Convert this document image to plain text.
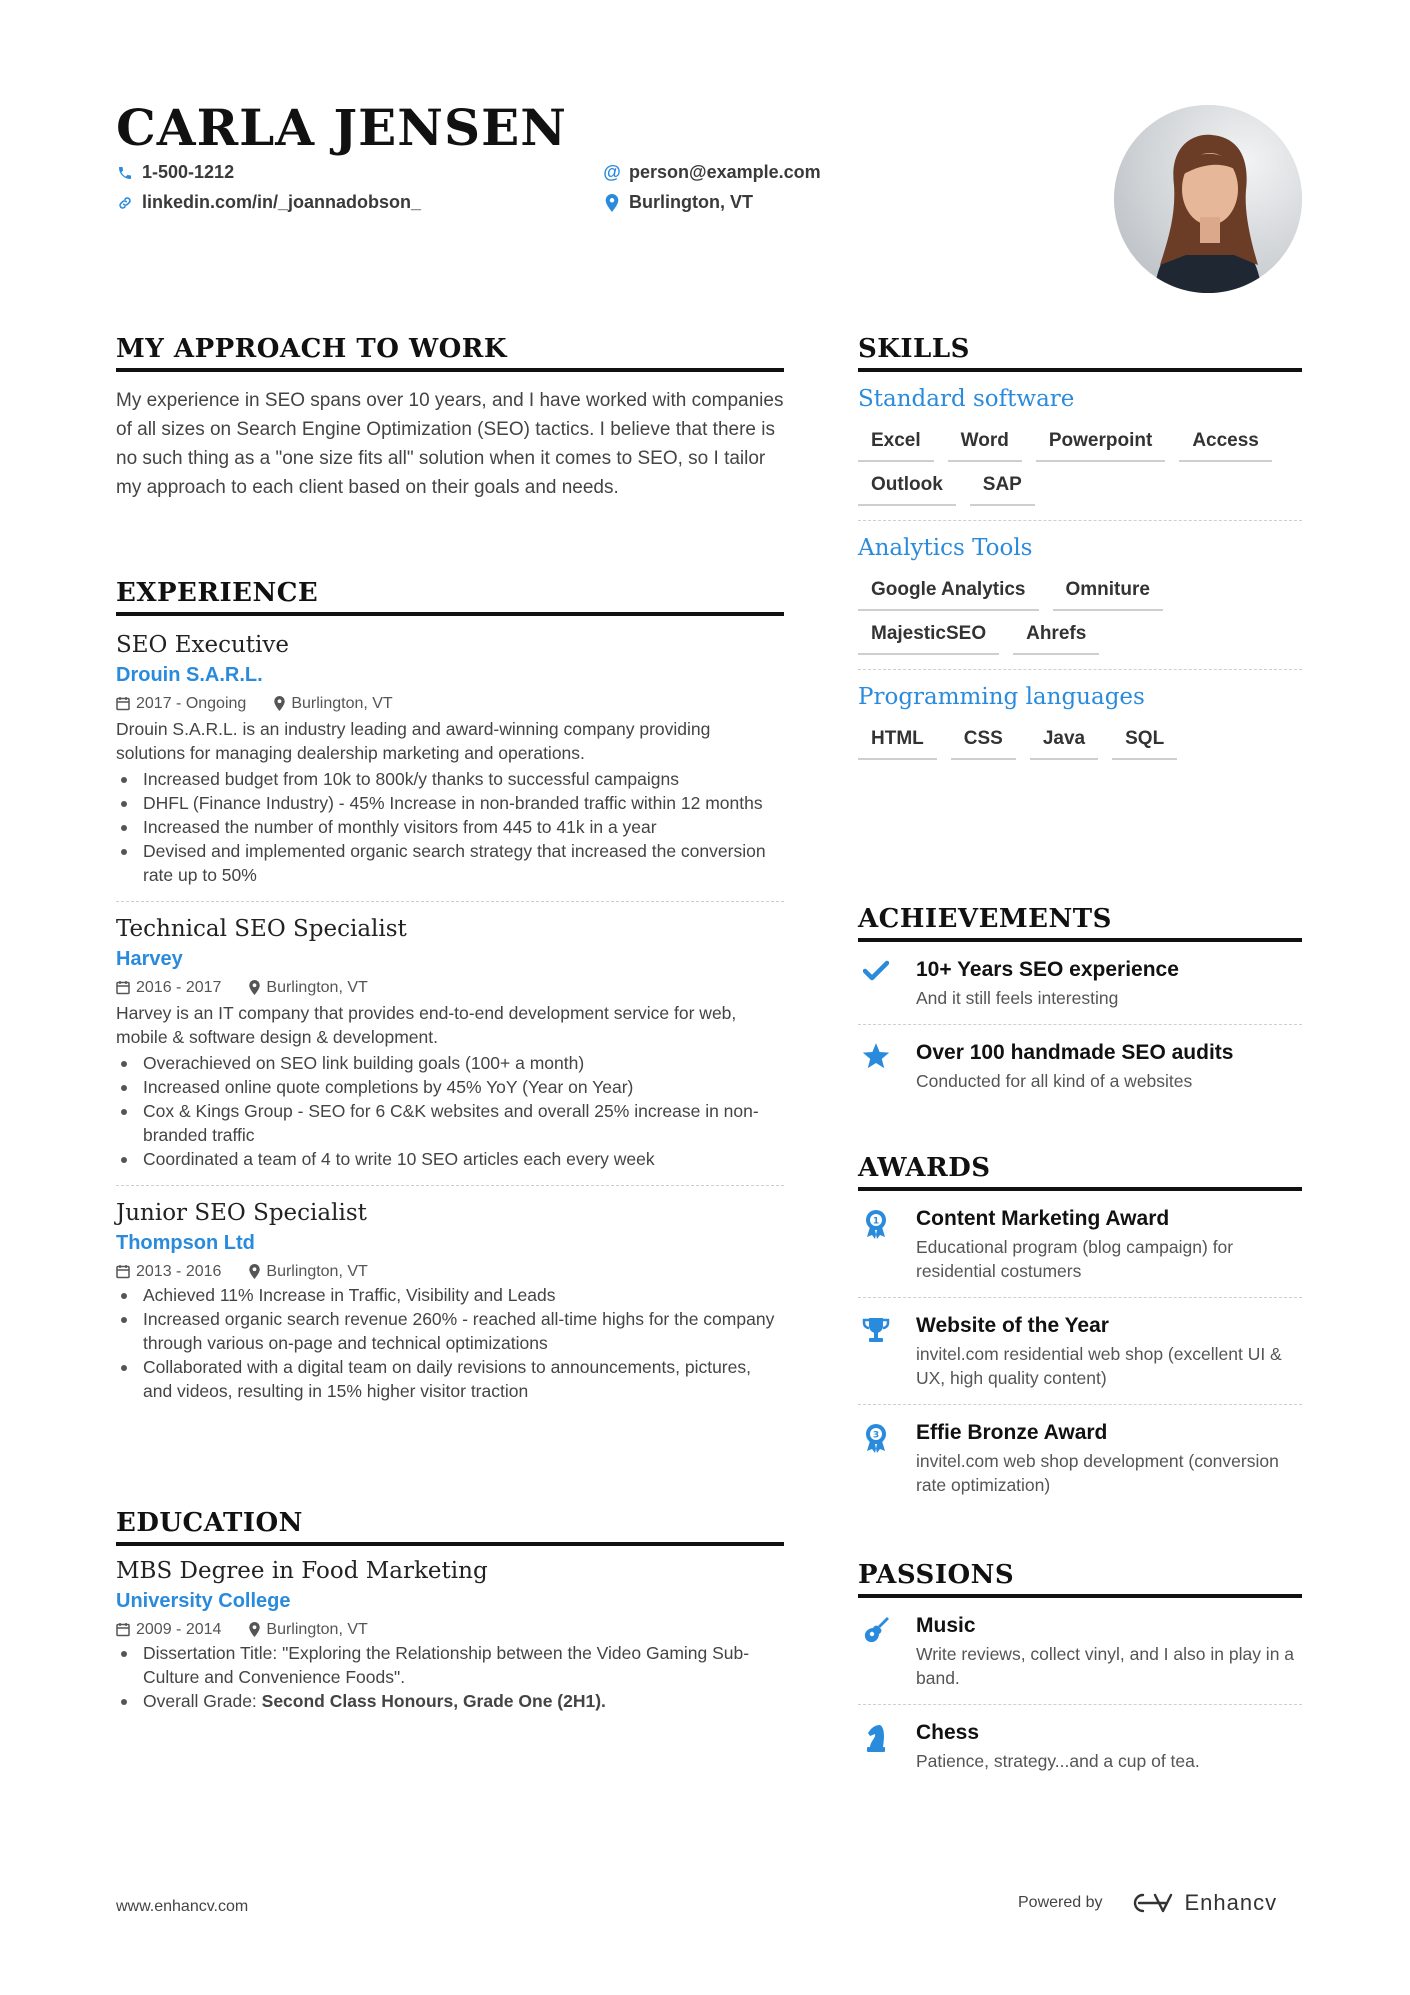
CARLA JENSEN
1-500-1212
linkedin.com/in/_joannadobson_
@ person@example.com
Burlington, VT
MY APPROACH TO WORK
My experience in SEO spans over 10 years, and I have worked with companies of all sizes on Search Engine Optimization (SEO) tactics. I believe that there is no such thing as a "one size fits all" solution when it comes to SEO, so I tailor my approach to each client based on their goals and needs.
EXPERIENCE
SEO Executive
Drouin S.A.R.L.
2017 - Ongoing	Burlington, VT
Drouin S.A.R.L. is an industry leading and award-winning company providing solutions for managing dealership marketing and operations.
Increased budget from 10k to 800k/y thanks to successful campaigns
DHFL (Finance Industry) - 45% Increase in non-branded traffic within 12 months
Increased the number of monthly visitors from 445 to 41k in a year
Devised and implemented organic search strategy that increased the conversion rate up to 50%
Technical SEO Specialist
Harvey
2016 - 2017	Burlington, VT
Harvey is an IT company that provides end-to-end development service for web, mobile & software design & development.
Overachieved on SEO link building goals (100+ a month)
Increased online quote completions by 45% YoY (Year on Year)
Cox & Kings Group - SEO for 6 C&K websites and overall 25% increase in non-branded traffic
Coordinated a team of 4 to write 10 SEO articles each every week
Junior SEO Specialist
Thompson Ltd
2013 - 2016	Burlington, VT
Achieved 11% Increase in Traffic, Visibility and Leads
Increased organic search revenue 260% - reached all-time highs for the company through various on-page and technical optimizations
Collaborated with a digital team on daily revisions to announcements, pictures, and videos, resulting in 15% higher visitor traction
EDUCATION
MBS Degree in Food Marketing
University College
2009 - 2014	Burlington, VT
Dissertation Title: "Exploring the Relationship between the Video Gaming Sub-Culture and Convenience Foods".
Overall Grade: Second Class Honours, Grade One (2H1).
SKILLS
Standard software
Excel	Word	Powerpoint	Access
Outlook	SAP
Analytics Tools
Google Analytics	Omniture
MajesticSEO	Ahrefs
Programming languages
HTML	CSS	Java	SQL
ACHIEVEMENTS
10+ Years SEO experience
And it still feels interesting
Over 100 handmade SEO audits
Conducted for all kind of a websites
AWARDS
1 Content Marketing Award
Educational program (blog campaign) for residential costumers
Website of the Year
invitel.com residential web shop (excellent UI & UX, high quality content)
3 Effie Bronze Award
invitel.com web shop development (conversion rate optimization)
PASSIONS
Music
Write reviews, collect vinyl, and I also in play in a band.
Chess
Patience, strategy...and a cup of tea.
www.enhancv.com	Powered by	Enhancv
